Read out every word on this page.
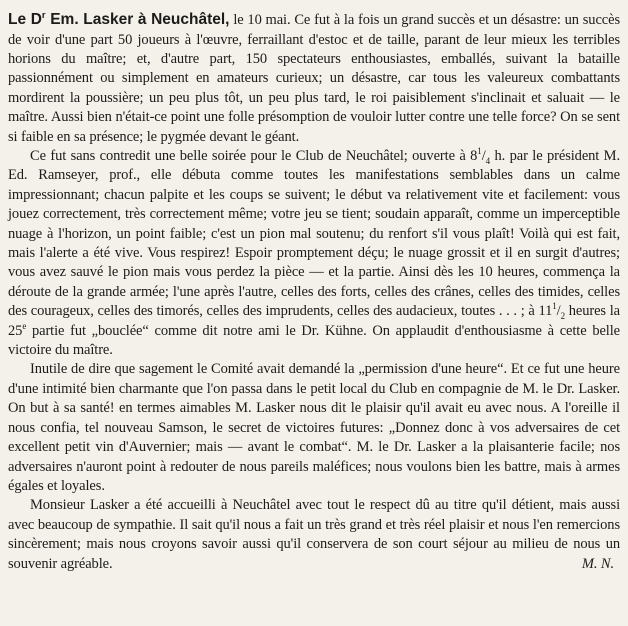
Le $D^r$ Em. Lasker à Neuchâtel, le 10 mai. Ce fut à la fois un grand succès et un désastre: un succès de voir d'une part 50 joueurs à l'œuvre, ferraillant d'estoc et de taille, parant de leur mieux les terribles horions du maître; et, d'autre part, 150 spectateurs enthousiastes, emballés, suivant la bataille passionnément ou simplement en amateurs curieux; un désastre, car tous les valeureux combattants mordirent la poussière; un peu plus tôt, un peu plus tard, le roi paisiblement s'inclinait et saluait — le maître. Aussi bien n'était-ce point une folle présomption de vouloir lutter contre une telle force? On se sent si faible en sa présence; le pygmée devant le géant.

Ce fut sans contredit une belle soirée pour le Club de Neuchâtel; ouverte à $8^1/_4$ h. par le président M. Ed. Ramseyer, prof., elle débuta comme toutes les manifestations semblables dans un calme impressionnant; chacun palpite et les coups se suivent; le début va relativement vite et facilement: vous jouez correctement, très correctement même; votre jeu se tient; soudain apparaît, comme un imperceptible nuage à l'horizon, un point faible; c'est un pion mal soutenu; du renfort s'il vous plaît! Voilà qui est fait, mais l'alerte a été vive. Vous respirez! Espoir promptement déçu; le nuage grossit et il en surgit d'autres; vous avez sauvé le pion mais vous perdez la pièce — et la partie. Ainsi dès les 10 heures, commença la déroute de la grande armée; l'une après l'autre, celles des forts, celles des crânes, celles des timides, celles des courageux, celles des timorés, celles des imprudents, celles des audacieux, toutes . . . ; à $11^1/_2$ heures la 25e partie fut „bouclée“ comme dit notre ami le Dr. Kühne. On applaudit d'enthousiasme à cette belle victoire du maître.

Inutile de dire que sagement le Comité avait demandé la „permission d'une heure“. Et ce fut une heure d'une intimité bien charmante que l'on passa dans le petit local du Club en compagnie de M. le Dr. Lasker. On but à sa santé! en termes aimables M. Lasker nous dit le plaisir qu'il avait eu avec nous. A l'oreille il nous confia, tel nouveau Samson, le secret de victoires futures: „Donnez donc à vos adversaires de cet excellent petit vin d'Auvernier; mais — avant le combat“. M. le Dr. Lasker a la plaisanterie facile; nos adversaires n'auront point à redouter de nous pareils maléfices; nous voulons bien les battre, mais à armes égales et loyales.

Monsieur Lasker a été accueilli à Neuchâtel avec tout le respect dû au titre qu'il détient, mais aussi avec beaucoup de sympathie. Il sait qu'il nous a fait un très grand et très réel plaisir et nous l'en remercions sincèrement; mais nous croyons savoir aussi qu'il conservera de son court séjour au milieu de nous un souvenir agréable.	M. N.
